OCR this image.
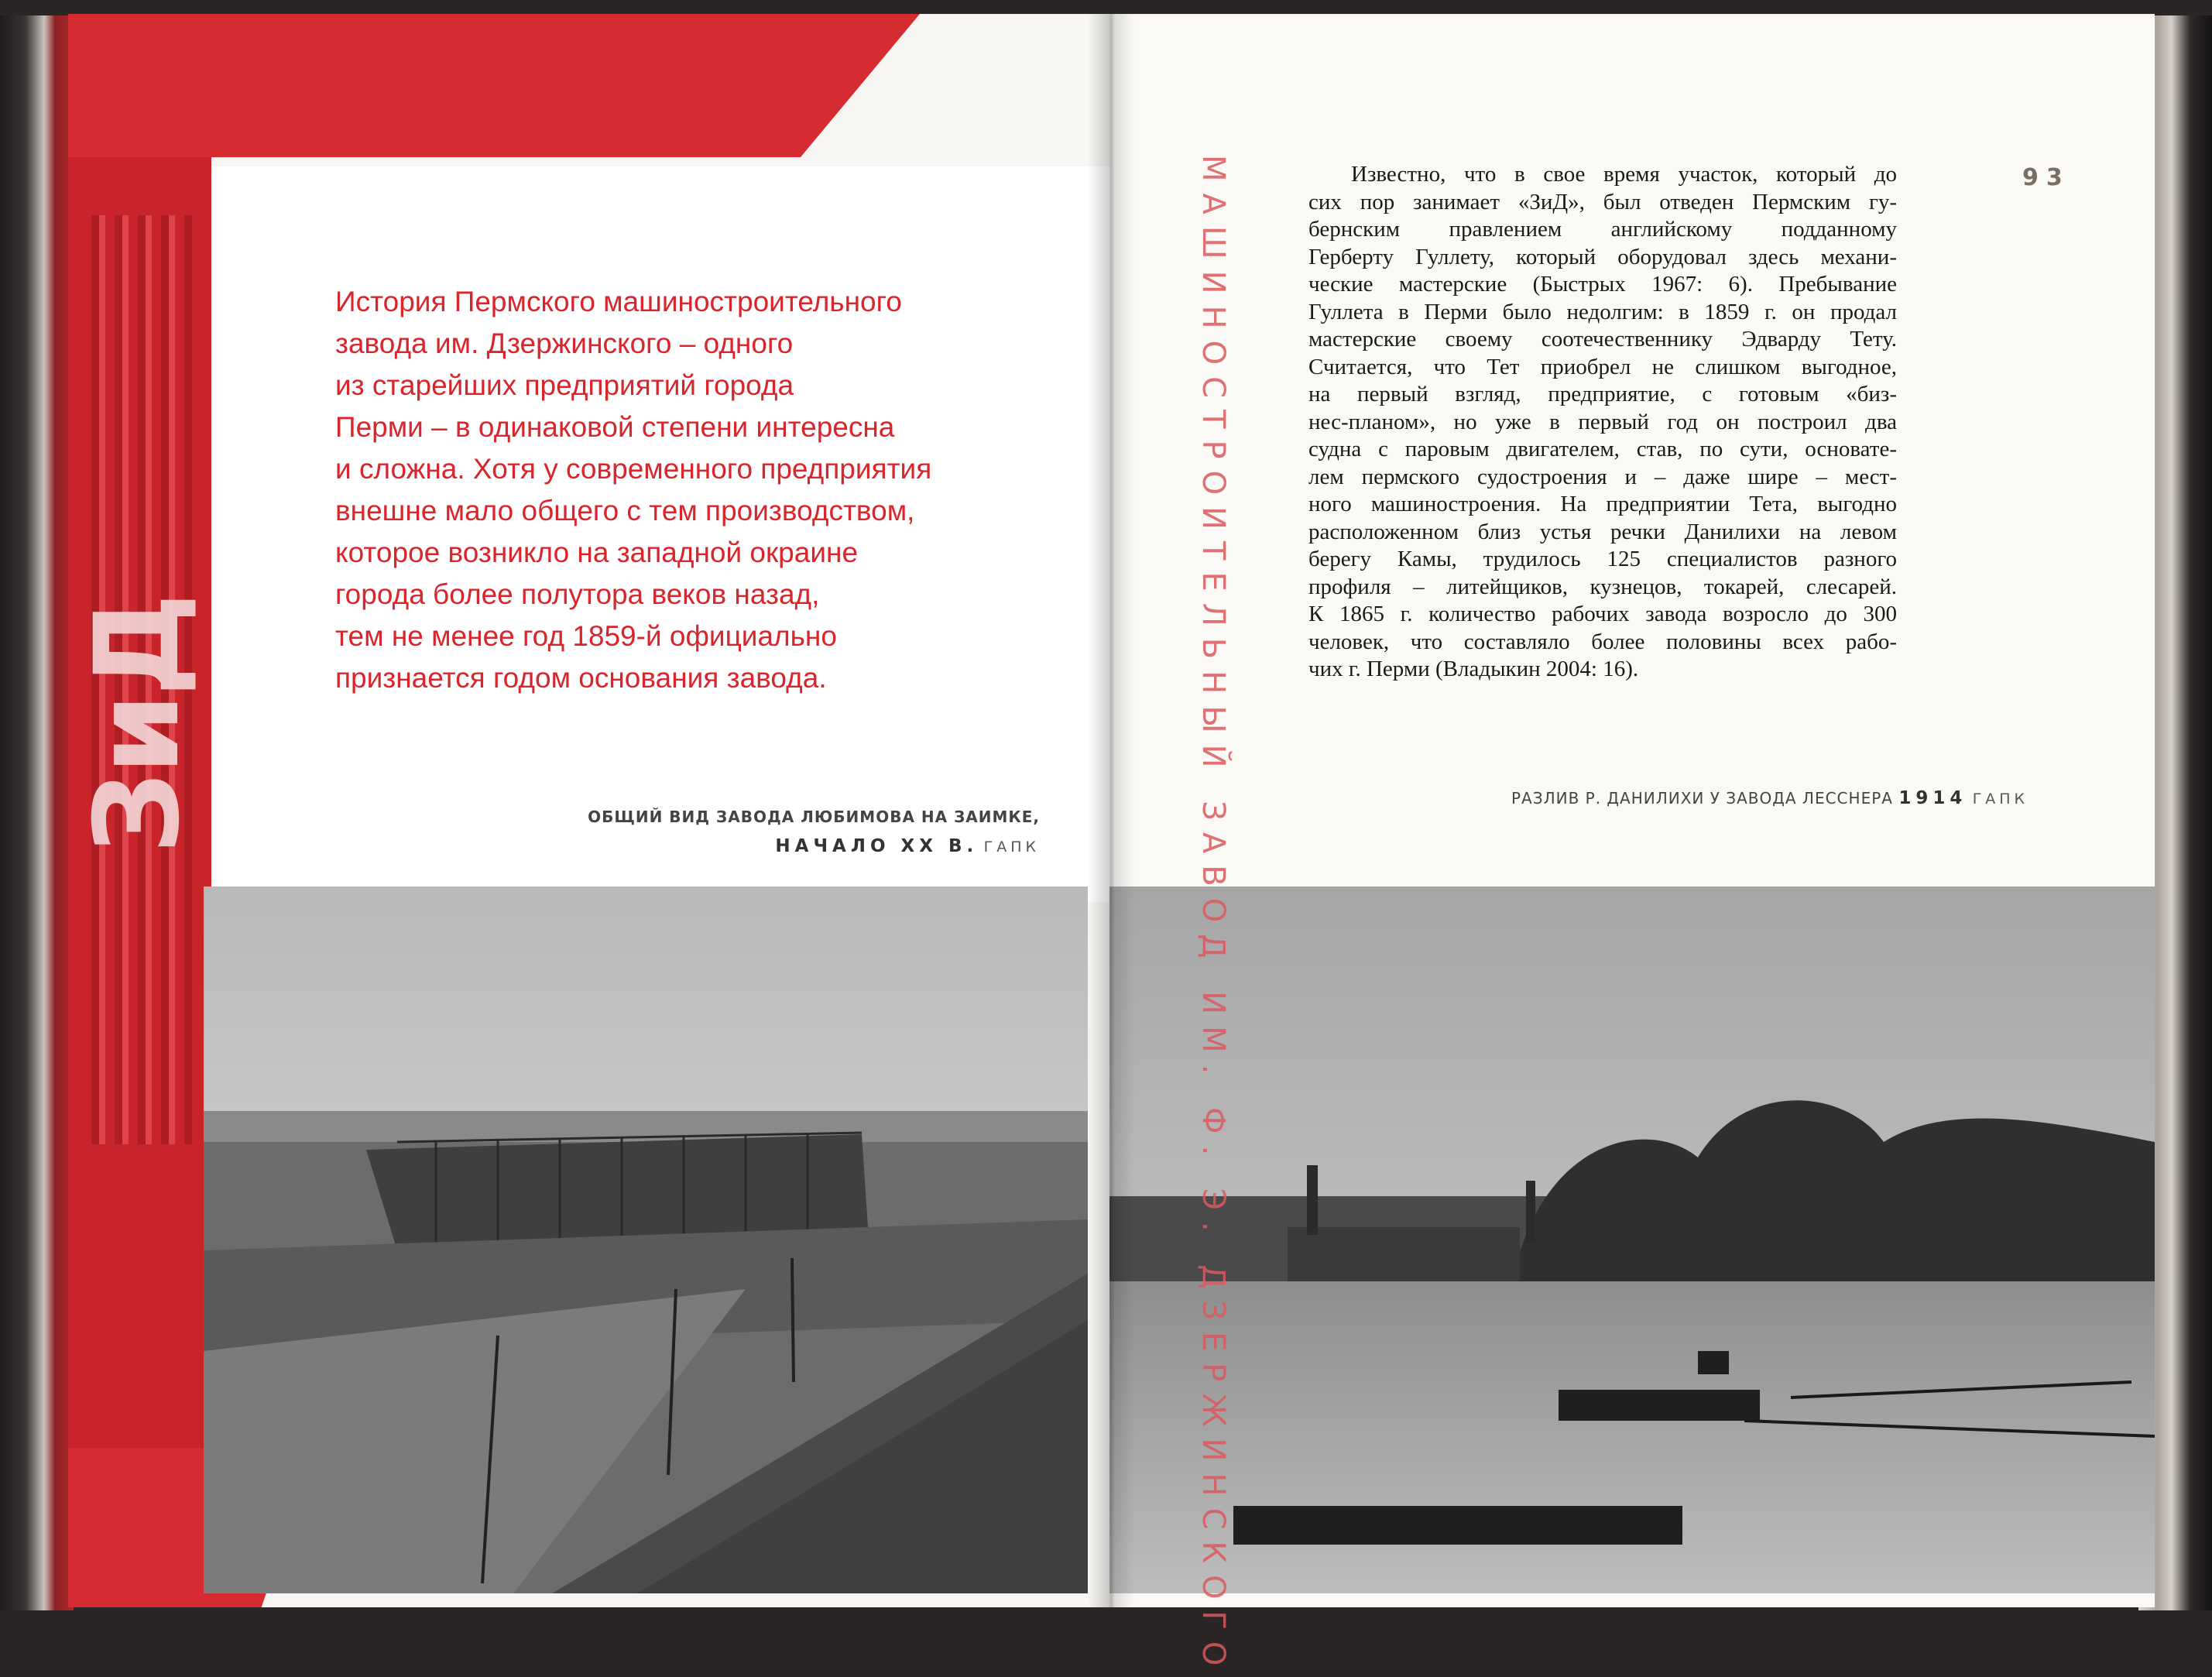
История Пермского машиностроительного
завода им. Дзержинского – одного
из старейших предприятий города
Перми – в одинаковой степени интересна
и сложна. Хотя у современного предприятия
внешне мало общего с тем производством,
которое возникло на западной окраине
города более полутора веков назад,
тем не менее год 1859-й официально
признается годом основания завода.

ОБЩИЙ ВИД ЗАВОДА ЛЮБИМОВА НА ЗАИМКЕ,
НАЧАЛО XX В. ГАПК	МАШИНОСТРОИТЕЛЬНЫЙ ЗАВОД ИМ. Ф. Э. ДЗЕРЖИНСКОГО	93

Известно, что в свое время участок, который до
сих пор занимает «ЗиД», был отведен Пермским гу-
бернским правлением английскому подданному
Герберту Гуллету, который оборудовал здесь механи-
ческие мастерские (Быстрых 1967: 6). Пребывание
Гуллета в Перми было недолгим: в 1859 г. он продал
мастерские своему соотечественнику Эдварду Тету.
Считается, что Тет приобрел не слишком выгодное,
на первый взгляд, предприятие, с готовым «биз-
нес-планом», но уже в первый год он построил два
судна с паровым двигателем, став, по сути, основате-
лем пермского судостроения и – даже шире – мест-
ного машиностроения. На предприятии Тета, выгодно
расположенном близ устья речки Данилихи на левом
берегу Камы, трудилось 125 специалистов разного
профиля – литейщиков, кузнецов, токарей, слесарей.
К 1865 г. количество рабочих завода возросло до 300
человек, что составляло более половины всех рабо-
чих г. Перми (Владыкин 2004: 16).

РАЗЛИВ Р. ДАНИЛИХИ У ЗАВОДА ЛЕССНЕРА 1914 ГАПК
